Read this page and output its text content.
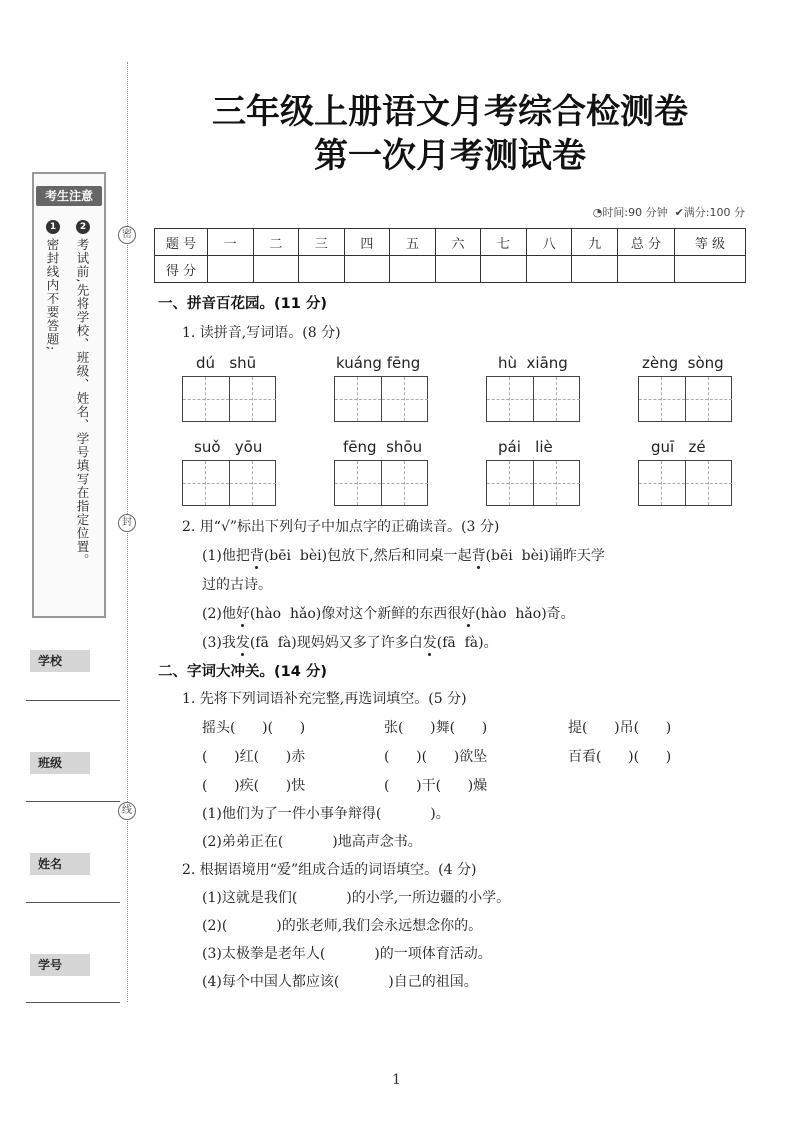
考生注意
1	2
密封线内不要答题; 考试前,先将学校、班级、姓名、学号填写在指定位置。
学校
班级
姓名
学号
密
封
线
三年级上册语文月考综合检测卷
第一次月考测试卷
◔时间:90 分钟 ✔满分:100 分
题 号	一	二	三	四	五	六	七	八	九	总 分	等 级
得 分											
一、拼音百花园。(11 分)
1. 读拼音,写词语。(8 分)
dú   shū	kuáng fēng	hù  xiāng	zèng  sòng
suǒ   yōu	fēng  shōu	pái   liè	guī   zé
2. 用“√”标出下列句子中加点字的正确读音。(3 分)
(1)他把背(bēi  bèi)包放下,然后和同桌一起背(bēi  bèi)诵昨天学
过的古诗。
(2)他好(hào  hǎo)像对这个新鲜的东西很好(hào  hǎo)奇。
(3)我发(fā  fà)现妈妈又多了许多白发(fā  fà)。
二、字词大冲关。(14 分)
1. 先将下列词语补充完整,再选词填空。(5 分)
摇头(      )(      )	张(      )舞(      )	提(      )吊(      )
(      )红(      )赤	(      )(      )欲坠	百看(      )(      )
(      )疾(      )快	(      )干(      )燥
(1)他们为了一件小事争辩得(           )。
(2)弟弟正在(           )地高声念书。
2. 根据语境用“爱”组成合适的词语填空。(4 分)
(1)这就是我们(           )的小学,一所边疆的小学。
(2)(           )的张老师,我们会永远想念你的。
(3)太极拳是老年人(           )的一项体育活动。
(4)每个中国人都应该(           )自己的祖国。
1
